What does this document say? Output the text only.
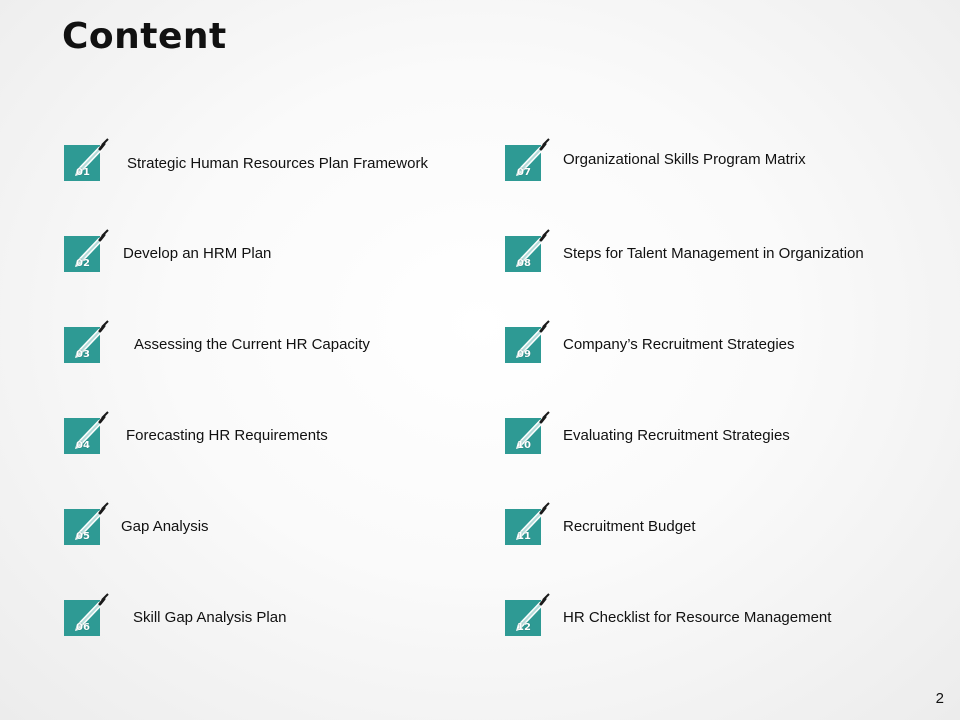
Content
01
Strategic Human Resources Plan Framework
02
Develop an HRM Plan
03
Assessing the Current HR Capacity
04
Forecasting HR Requirements
05
Gap Analysis
06
Skill Gap Analysis Plan
07
Organizational Skills Program Matrix
08
Steps for Talent Management in Organization
09
Company’s Recruitment Strategies
10
Evaluating Recruitment Strategies
11
Recruitment Budget
12
HR Checklist for Resource Management
2
